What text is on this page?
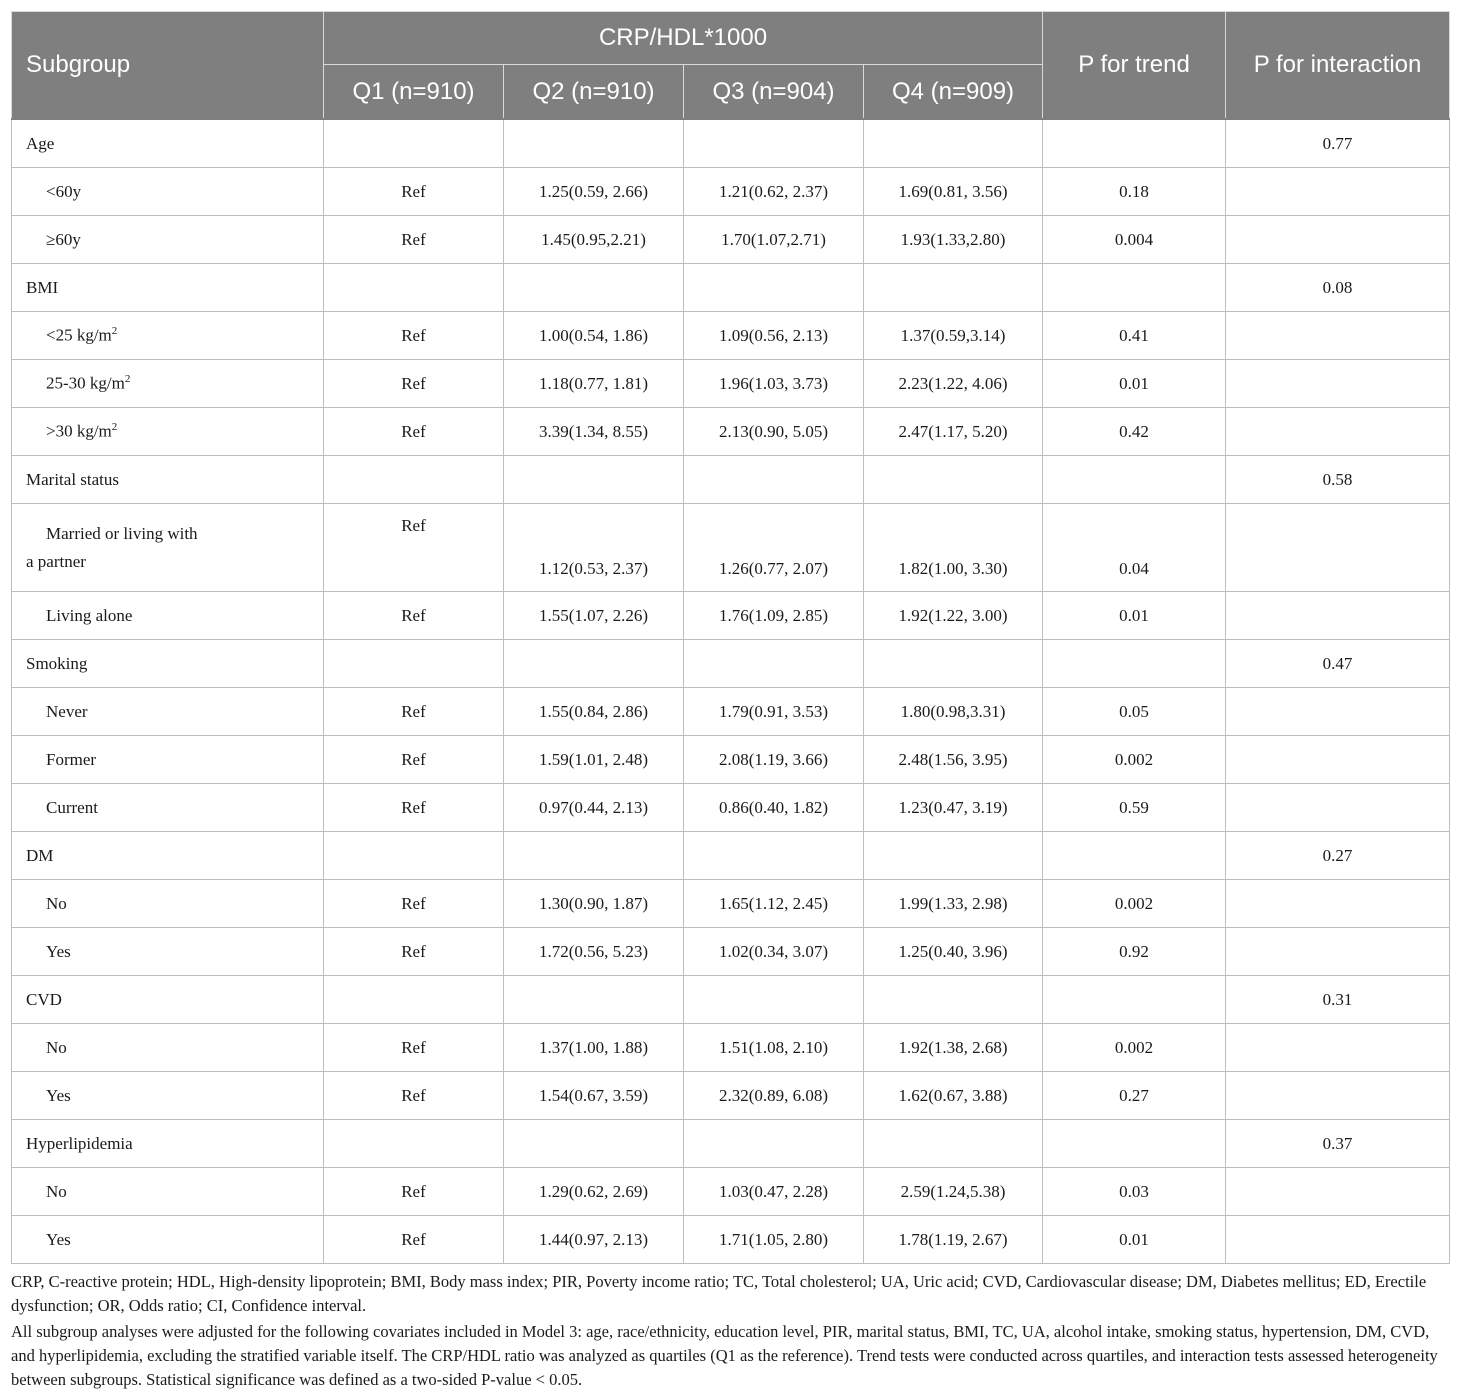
Subgroup	CRP/HDL*1000				P for trend	P for interaction
	Q1 (n=910)	Q2 (n=910)	Q3 (n=904)	Q4 (n=909)		
Age						0.77
<60y	Ref	1.25(0.59, 2.66)	1.21(0.62, 2.37)	1.69(0.81, 3.56)	0.18	
≥60y	Ref	1.45(0.95,2.21)	1.70(1.07,2.71)	1.93(1.33,2.80)	0.004	
BMI						0.08
<25 $kg/m^2$	Ref	1.00(0.54, 1.86)	1.09(0.56, 2.13)	1.37(0.59,3.14)	0.41	
25-30 $kg/m^2$	Ref	1.18(0.77, 1.81)	1.96(1.03, 3.73)	2.23(1.22, 4.06)	0.01	
>30 $kg/m^2$	Ref	3.39(1.34, 8.55)	2.13(0.90, 5.05)	2.47(1.17, 5.20)	0.42	
Marital status						0.58

Married or living with
a partner	Ref	1.12(0.53, 2.37)	1.26(0.77, 2.07)	1.82(1.00, 3.30)	0.04	
Living alone	Ref	1.55(1.07, 2.26)	1.76(1.09, 2.85)	1.92(1.22, 3.00)	0.01	
Smoking						0.47
Never	Ref	1.55(0.84, 2.86)	1.79(0.91, 3.53)	1.80(0.98,3.31)	0.05	
Former	Ref	1.59(1.01, 2.48)	2.08(1.19, 3.66)	2.48(1.56, 3.95)	0.002	
Current	Ref	0.97(0.44, 2.13)	0.86(0.40, 1.82)	1.23(0.47, 3.19)	0.59	
DM						0.27
No	Ref	1.30(0.90, 1.87)	1.65(1.12, 2.45)	1.99(1.33, 2.98)	0.002	
Yes	Ref	1.72(0.56, 5.23)	1.02(0.34, 3.07)	1.25(0.40, 3.96)	0.92	
CVD						0.31
No	Ref	1.37(1.00, 1.88)	1.51(1.08, 2.10)	1.92(1.38, 2.68)	0.002	
Yes	Ref	1.54(0.67, 3.59)	2.32(0.89, 6.08)	1.62(0.67, 3.88)	0.27	
Hyperlipidemia						0.37
No	Ref	1.29(0.62, 2.69)	1.03(0.47, 2.28)	2.59(1.24,5.38)	0.03	
Yes	Ref	1.44(0.97, 2.13)	1.71(1.05, 2.80)	1.78(1.19, 2.67)	0.01	

CRP, C-reactive protein; HDL, High-density lipoprotein; BMI, Body mass index; PIR, Poverty income ratio; TC, Total cholesterol; UA, Uric acid; CVD, Cardiovascular disease; DM, Diabetes mellitus; ED, Erectile dysfunction; OR, Odds ratio; CI, Confidence interval.

All subgroup analyses were adjusted for the following covariates included in Model 3: age, race/ethnicity, education level, PIR, marital status, BMI, TC, UA, alcohol intake, smoking status, hypertension, DM, CVD, and hyperlipidemia, excluding the stratified variable itself. The CRP/HDL ratio was analyzed as quartiles (Q1 as the reference). Trend tests were conducted across quartiles, and interaction tests assessed heterogeneity between subgroups. Statistical significance was defined as a two-sided P-value < 0.05.
